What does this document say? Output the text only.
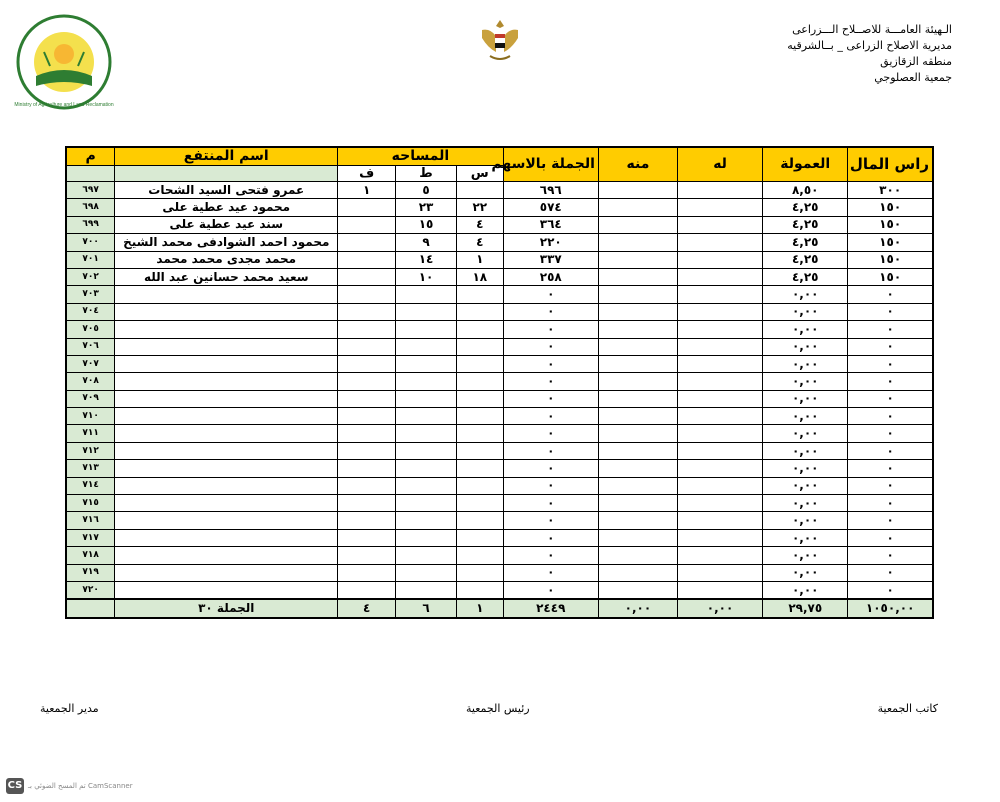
Ministry of Agriculture and Land Reclamation
الـهيئة العامـــة للاصــلاح الـــزراعى
مديرية الاصلاح الزراعى _ بــالشرقيه
منطقه الزقازيق
جمعية العصلوجي
راس المال	العمولة	له	منه	الجملة بالاسهم	المساحه			اسم المنتفع	م
					س	ط	ف		
٣٠٠	٨,٥٠			٦٩٦		٥	١	عمرو فتحى السيد الشحات	٦٩٧
١٥٠	٤,٢٥			٥٧٤	٢٢	٢٣		محمود عيد عطية على	٦٩٨
١٥٠	٤,٢٥			٣٦٤	٤	١٥		سند عيد عطية على	٦٩٩
١٥٠	٤,٢٥			٢٢٠	٤	٩		محمود احمد الشوادفى محمد الشيخ	٧٠٠
١٥٠	٤,٢٥			٣٣٧	١	١٤		محمد مجدى محمد محمد	٧٠١
١٥٠	٤,٢٥			٢٥٨	١٨	١٠		سعيد محمد حسانين عبد الله	٧٠٢
٠	٠,٠٠			٠					٧٠٣
٠	٠,٠٠			٠					٧٠٤
٠	٠,٠٠			٠					٧٠٥
٠	٠,٠٠			٠					٧٠٦
٠	٠,٠٠			٠					٧٠٧
٠	٠,٠٠			٠					٧٠٨
٠	٠,٠٠			٠					٧٠٩
٠	٠,٠٠			٠					٧١٠
٠	٠,٠٠			٠					٧١١
٠	٠,٠٠			٠					٧١٢
٠	٠,٠٠			٠					٧١٣
٠	٠,٠٠			٠					٧١٤
٠	٠,٠٠			٠					٧١٥
٠	٠,٠٠			٠					٧١٦
٠	٠,٠٠			٠					٧١٧
٠	٠,٠٠			٠					٧١٨
٠	٠,٠٠			٠					٧١٩
٠	٠,٠٠			٠					٧٢٠
١٠٥٠,٠٠	٢٩,٧٥	٠,٠٠	٠,٠٠	٢٤٤٩	١	٦	٤	الجملة ٣٠	
كاتب الجمعية
رئيس الجمعية
مدير الجمعية
CS تم المسح الضوئي بـ CamScanner
